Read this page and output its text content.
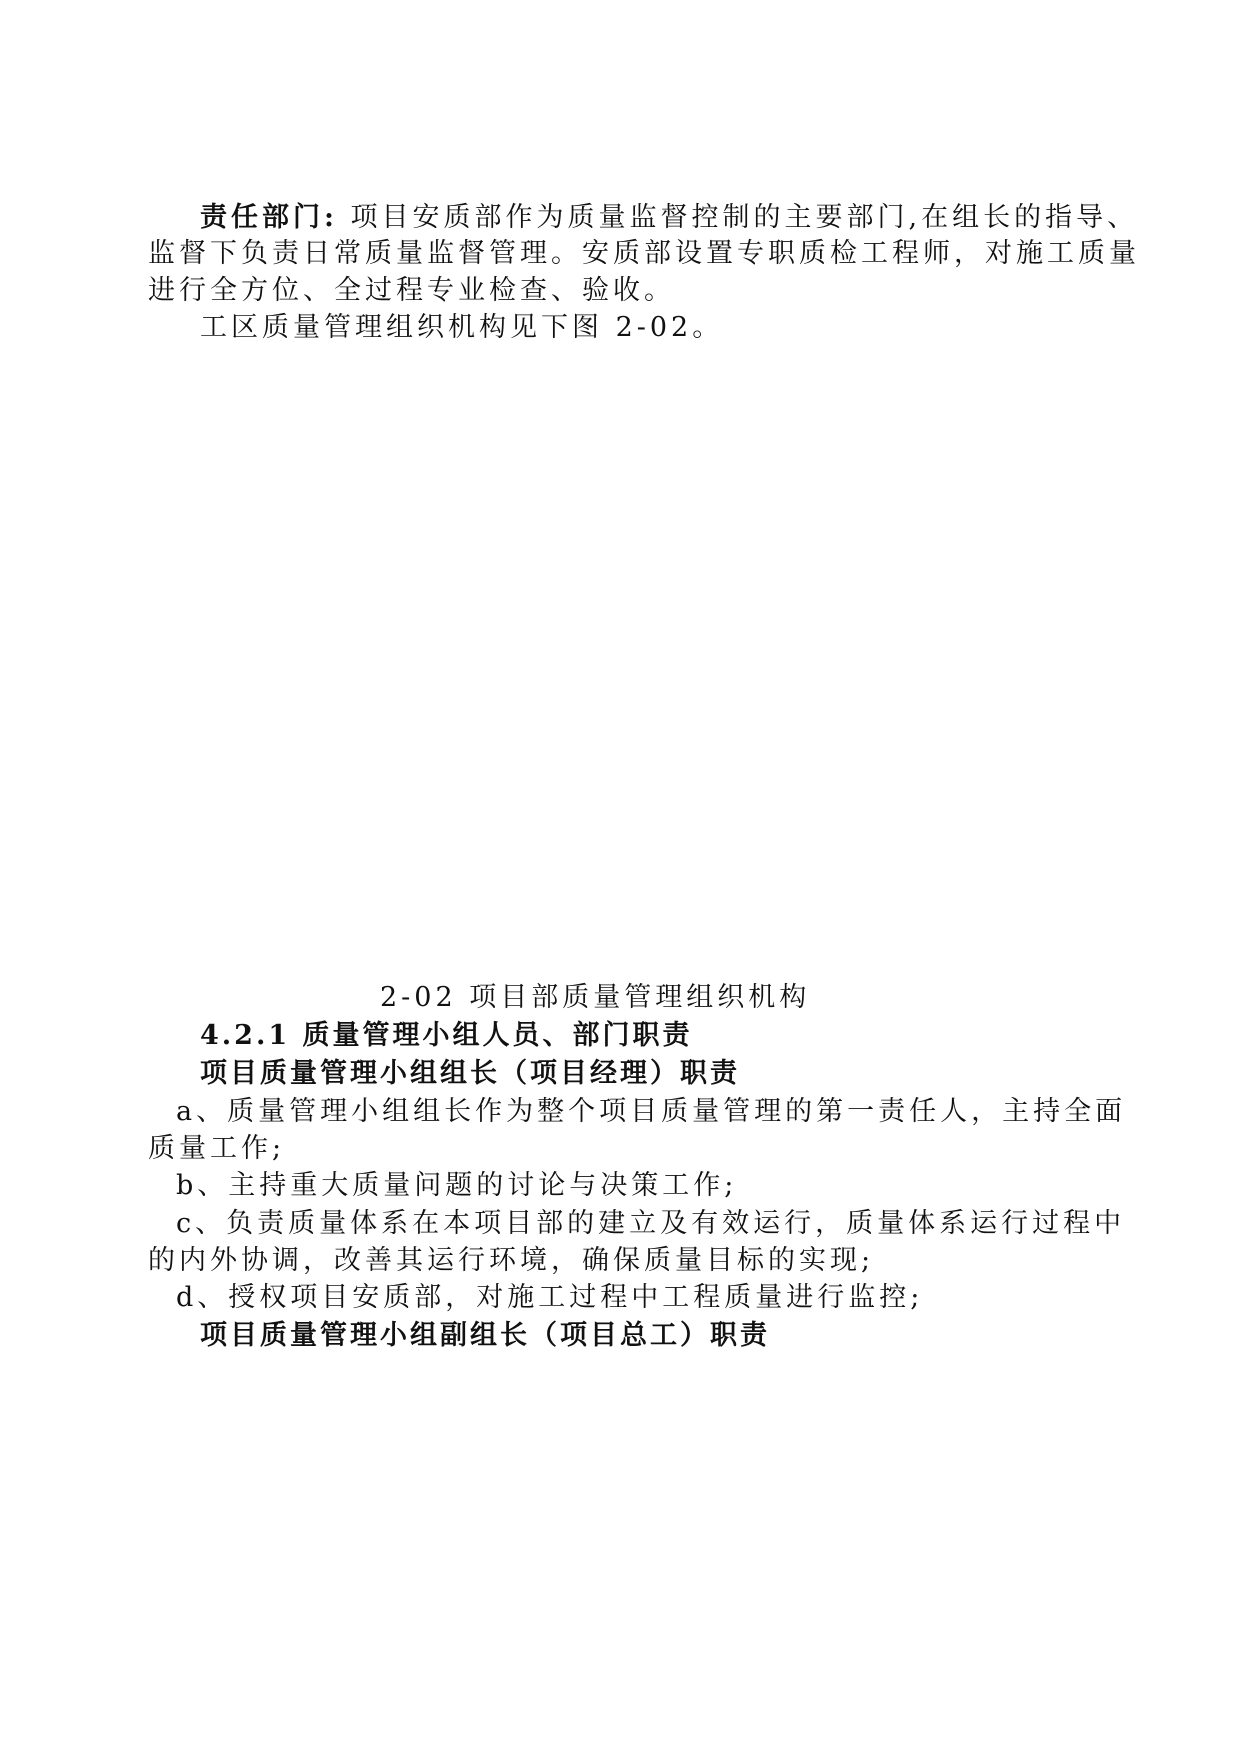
责任部门: 项目安质部作为质量监督控制的主要部门,在组长的指导、
监督下负责日常质量监督管理。安质部设置专职质检工程师，对施工质量
进行全方位、全过程专业检查、验收。
工区质量管理组织机构见下图 2-02。
2-02 项目部质量管理组织机构
4.2.1 质量管理小组人员、部门职责
项目质量管理小组组长（项目经理）职责
a、质量管理小组组长作为整个项目质量管理的第一责任人，主持全面
质量工作;
b、主持重大质量问题的讨论与决策工作;
c、负责质量体系在本项目部的建立及有效运行，质量体系运行过程中
的内外协调，改善其运行环境，确保质量目标的实现;
d、授权项目安质部，对施工过程中工程质量进行监控;
项目质量管理小组副组长（项目总工）职责
